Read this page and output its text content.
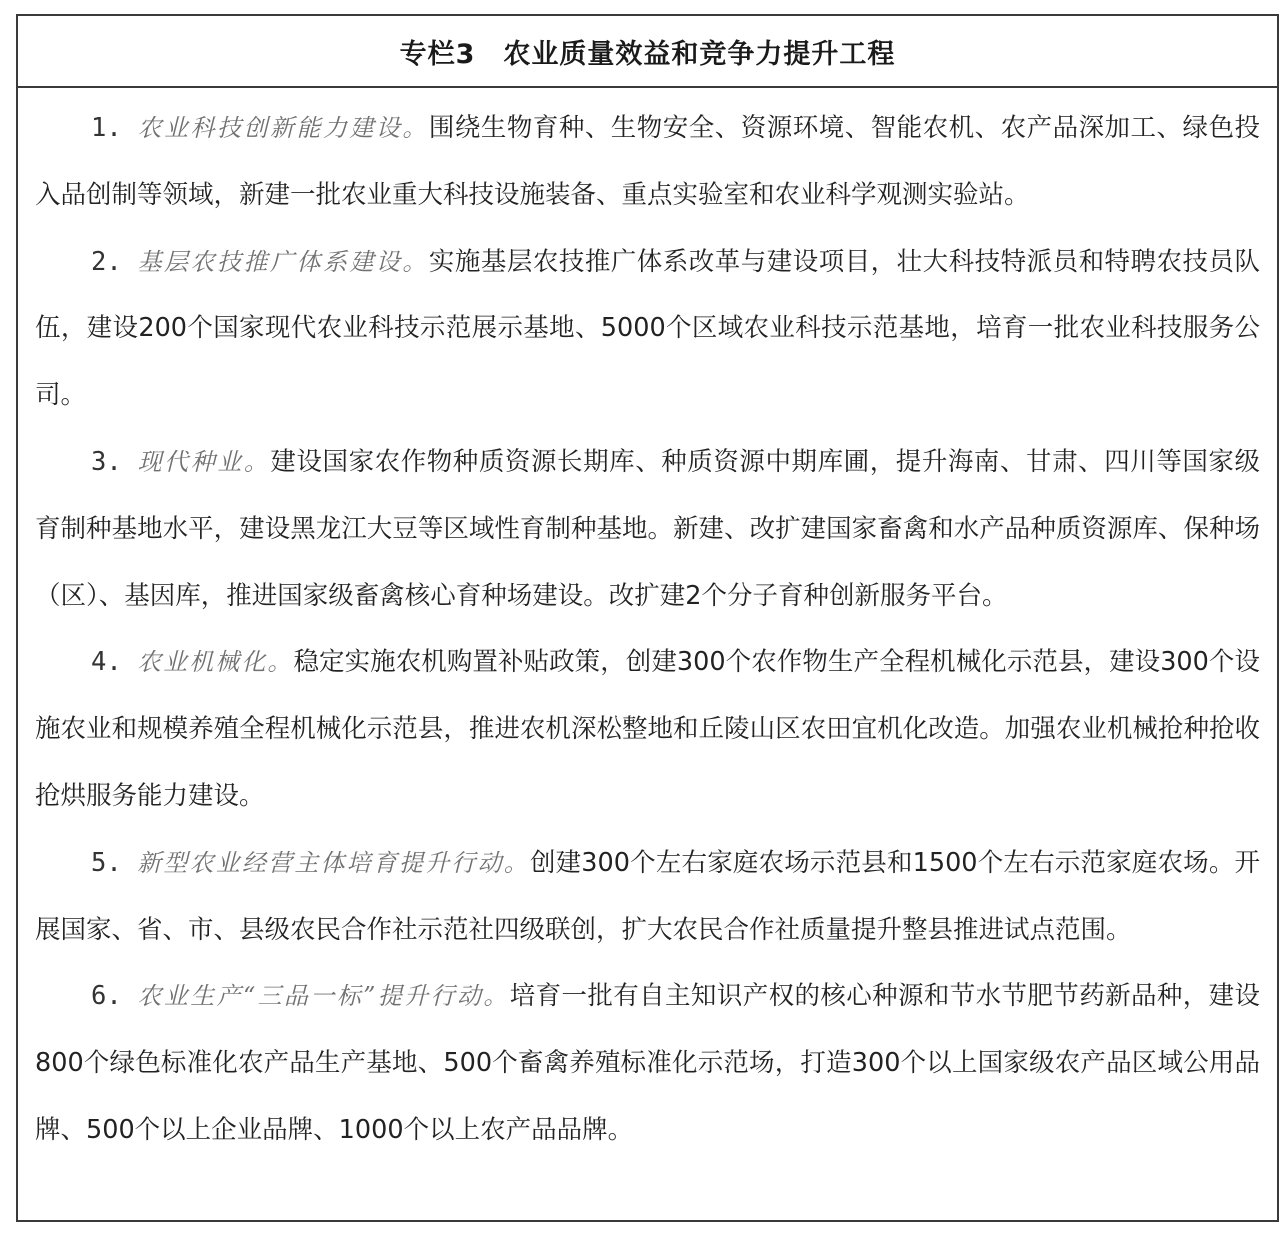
专栏3　农业质量效益和竞争力提升工程

1. 农业科技创新能力建设。围绕生物育种、生物安全、资源环境、智能农机、农产品深加工、绿色投入品创制等领域，新建一批农业重大科技设施装备、重点实验室和农业科学观测实验站。

2. 基层农技推广体系建设。实施基层农技推广体系改革与建设项目，壮大科技特派员和特聘农技员队伍，建设200个国家现代农业科技示范展示基地、5000个区域农业科技示范基地，培育一批农业科技服务公司。

3. 现代种业。建设国家农作物种质资源长期库、种质资源中期库圃，提升海南、甘肃、四川等国家级育制种基地水平，建设黑龙江大豆等区域性育制种基地。新建、改扩建国家畜禽和水产品种质资源库、保种场（区）、基因库，推进国家级畜禽核心育种场建设。改扩建2个分子育种创新服务平台。

4. 农业机械化。稳定实施农机购置补贴政策，创建300个农作物生产全程机械化示范县，建设300个设施农业和规模养殖全程机械化示范县，推进农机深松整地和丘陵山区农田宜机化改造。加强农业机械抢种抢收抢烘服务能力建设。

5. 新型农业经营主体培育提升行动。创建300个左右家庭农场示范县和1500个左右示范家庭农场。开展国家、省、市、县级农民合作社示范社四级联创，扩大农民合作社质量提升整县推进试点范围。

6. 农业生产“三品一标”提升行动。培育一批有自主知识产权的核心种源和节水节肥节药新品种，建设800个绿色标准化农产品生产基地、500个畜禽养殖标准化示范场，打造300个以上国家级农产品区域公用品牌、500个以上企业品牌、1000个以上农产品品牌。
